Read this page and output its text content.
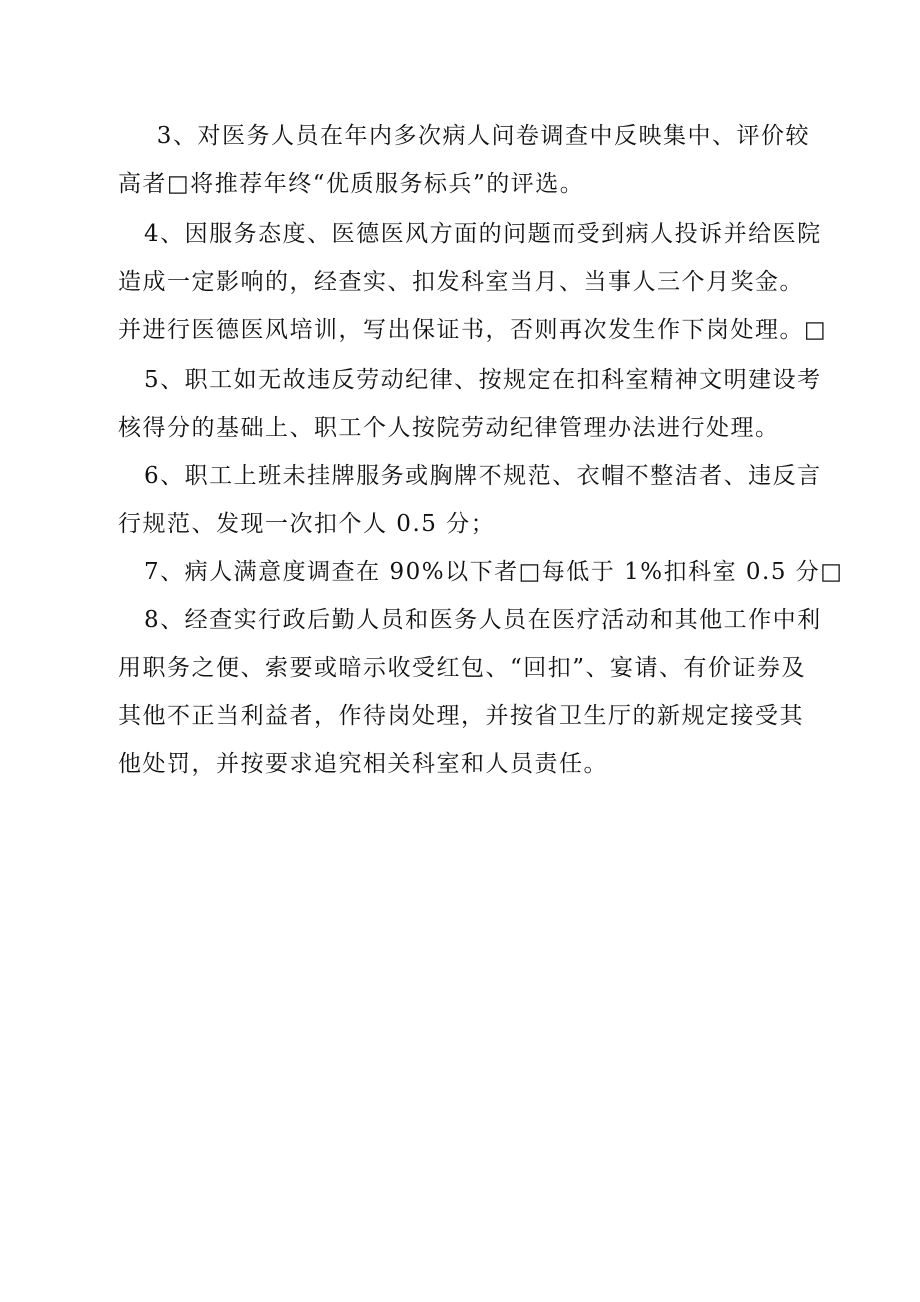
3、对医务人员在年内多次病人问卷调查中反映集中、评价较
高者□将推荐年终“优质服务标兵”的评选。
4、因服务态度、医德医风方面的问题而受到病人投诉并给医院
造成一定影响的，经查实、扣发科室当月、当事人三个月奖金。
并进行医德医风培训，写出保证书，否则再次发生作下岗处理。□
5、职工如无故违反劳动纪律、按规定在扣科室精神文明建设考
核得分的基础上、职工个人按院劳动纪律管理办法进行处理。
6、职工上班未挂牌服务或胸牌不规范、衣帽不整洁者、违反言
行规范、发现一次扣个人 0.5 分；
7、病人满意度调查在 90%以下者□每低于 1%扣科室 0.5 分□
8、经查实行政后勤人员和医务人员在医疗活动和其他工作中利
用职务之便、索要或暗示收受红包、“回扣”、宴请、有价证券及
其他不正当利益者，作待岗处理，并按省卫生厅的新规定接受其
他处罚，并按要求追究相关科室和人员责任。
